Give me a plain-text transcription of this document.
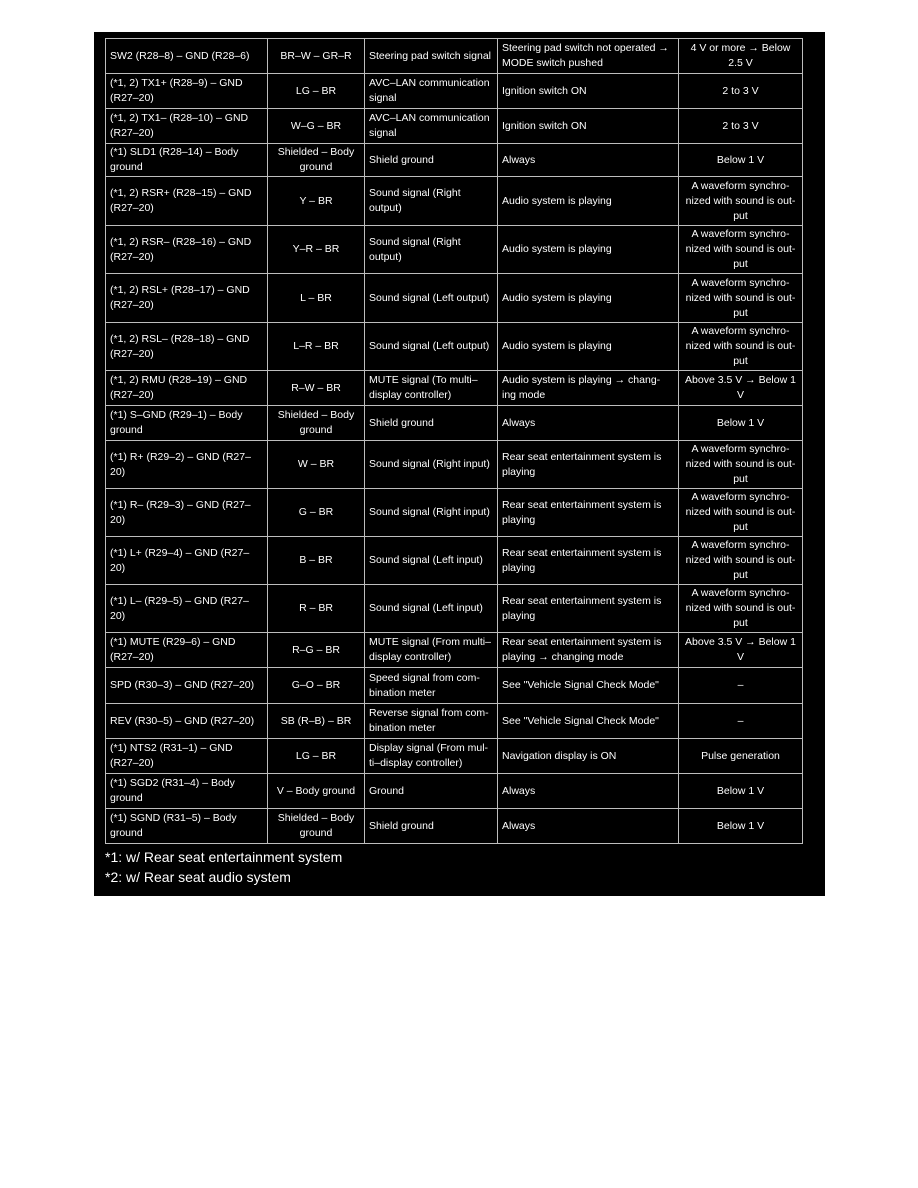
SW2 (R28–8) – GND (R28–6)	BR–W – GR–R	Steering pad switch signal	Steering pad switch not operated → MODE switch pushed	4 V or more → Below 2.5 V
(*1, 2) TX1+ (R28–9) – GND (R27–20)	LG – BR	AVC–LAN communication signal	Ignition switch ON	2 to 3 V
(*1, 2) TX1– (R28–10) – GND (R27–20)	W–G – BR	AVC–LAN communication signal	Ignition switch ON	2 to 3 V
(*1) SLD1 (R28–14) – Body ground	Shielded – Body ground	Shield ground	Always	Below 1 V
(*1, 2) RSR+ (R28–15) – GND (R27–20)	Y – BR	Sound signal (Right output)	Audio system is playing	A waveform synchro- nized with sound is out- put
(*1, 2) RSR– (R28–16) – GND (R27–20)	Y–R – BR	Sound signal (Right output)	Audio system is playing	A waveform synchro- nized with sound is out- put
(*1, 2) RSL+ (R28–17) – GND (R27–20)	L – BR	Sound signal (Left output)	Audio system is playing	A waveform synchro- nized with sound is out- put
(*1, 2) RSL– (R28–18) – GND (R27–20)	L–R – BR	Sound signal (Left output)	Audio system is playing	A waveform synchro- nized with sound is out- put
(*1, 2) RMU (R28–19) – GND (R27–20)	R–W – BR	MUTE signal (To multi– display controller)	Audio system is playing → chang- ing mode	Above 3.5 V → Below 1 V
(*1) S–GND (R29–1) – Body ground	Shielded – Body ground	Shield ground	Always	Below 1 V
(*1) R+ (R29–2) – GND (R27–20)	W – BR	Sound signal (Right input)	Rear seat entertainment system is playing	A waveform synchro- nized with sound is out- put
(*1) R– (R29–3) – GND (R27–20)	G – BR	Sound signal (Right input)	Rear seat entertainment system is playing	A waveform synchro- nized with sound is out- put
(*1) L+ (R29–4) – GND (R27–20)	B – BR	Sound signal (Left input)	Rear seat entertainment system is playing	A waveform synchro- nized with sound is out- put
(*1) L– (R29–5) – GND (R27–20)	R – BR	Sound signal (Left input)	Rear seat entertainment system is playing	A waveform synchro- nized with sound is out- put
(*1) MUTE (R29–6) – GND (R27–20)	R–G – BR	MUTE signal (From multi– display controller)	Rear seat entertainment system is playing → changing mode	Above 3.5 V → Below 1 V
SPD (R30–3) – GND (R27–20)	G–O – BR	Speed signal from com- bination meter	See "Vehicle Signal Check Mode"	–
REV (R30–5) – GND (R27–20)	SB (R–B) – BR	Reverse signal from com- bination meter	See "Vehicle Signal Check Mode"	–
(*1) NTS2 (R31–1) – GND (R27–20)	LG – BR	Display signal (From mul- ti–display controller)	Navigation display is ON	Pulse generation
(*1) SGD2 (R31–4) – Body ground	V – Body ground	Ground	Always	Below 1 V
(*1) SGND (R31–5) – Body ground	Shielded – Body ground	Shield ground	Always	Below 1 V
*1: w/ Rear seat entertainment system
*2: w/ Rear seat audio system
